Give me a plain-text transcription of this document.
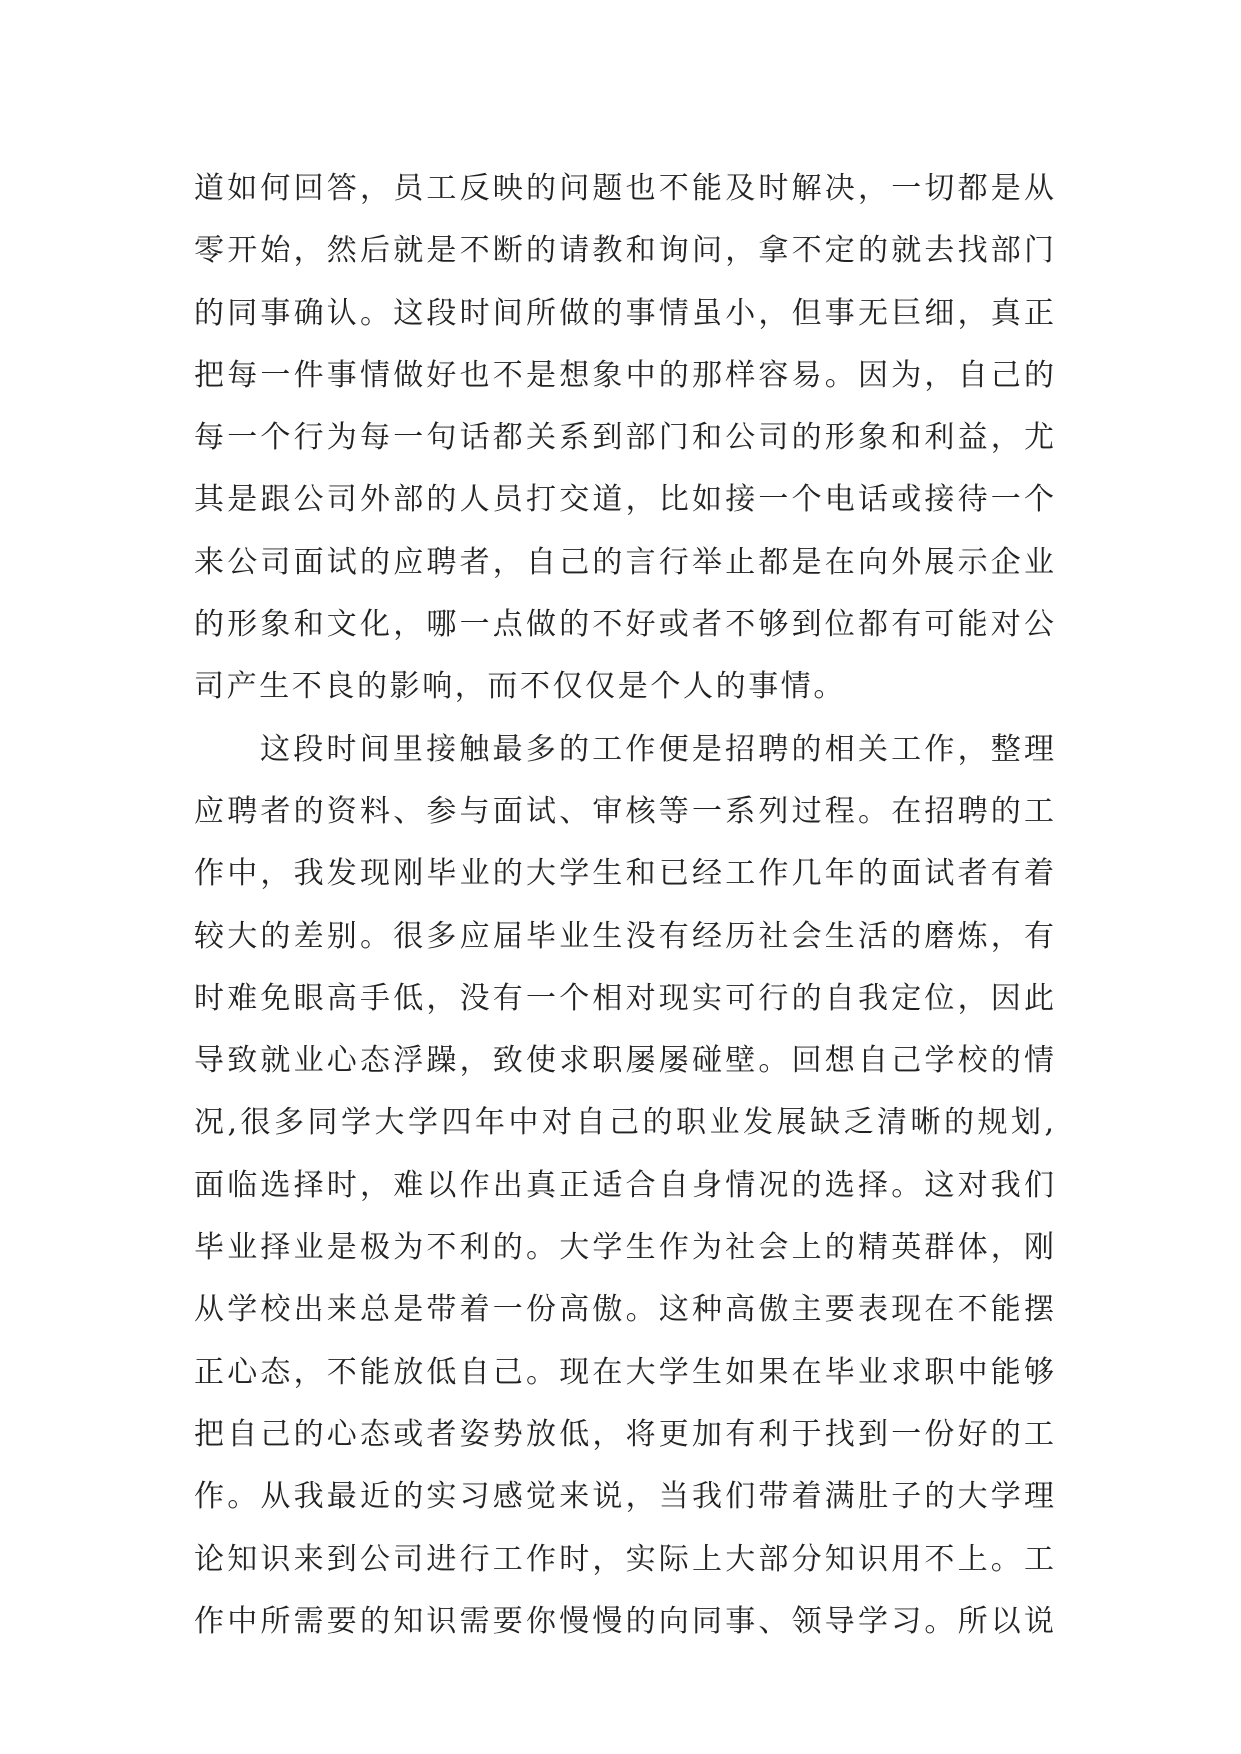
道如何回答，员工反映的问题也不能及时解决，一切都是从
零开始，然后就是不断的请教和询问，拿不定的就去找部门
的同事确认。这段时间所做的事情虽小，但事无巨细，真正
把每一件事情做好也不是想象中的那样容易。因为，自己的
每一个行为每一句话都关系到部门和公司的形象和利益，尤
其是跟公司外部的人员打交道，比如接一个电话或接待一个
来公司面试的应聘者，自己的言行举止都是在向外展示企业
的形象和文化，哪一点做的不好或者不够到位都有可能对公
司产生不良的影响，而不仅仅是个人的事情。
这段时间里接触最多的工作便是招聘的相关工作，整理
应聘者的资料、参与面试、审核等一系列过程。在招聘的工
作中，我发现刚毕业的大学生和已经工作几年的面试者有着
较大的差别。很多应届毕业生没有经历社会生活的磨炼，有
时难免眼高手低，没有一个相对现实可行的自我定位，因此
导致就业心态浮躁，致使求职屡屡碰壁。回想自己学校的情
况,很多同学大学四年中对自己的职业发展缺乏清晰的规划,
面临选择时，难以作出真正适合自身情况的选择。这对我们
毕业择业是极为不利的。大学生作为社会上的精英群体，刚
从学校出来总是带着一份高傲。这种高傲主要表现在不能摆
正心态，不能放低自己。现在大学生如果在毕业求职中能够
把自己的心态或者姿势放低，将更加有利于找到一份好的工
作。从我最近的实习感觉来说，当我们带着满肚子的大学理
论知识来到公司进行工作时，实际上大部分知识用不上。工
作中所需要的知识需要你慢慢的向同事、领导学习。所以说
